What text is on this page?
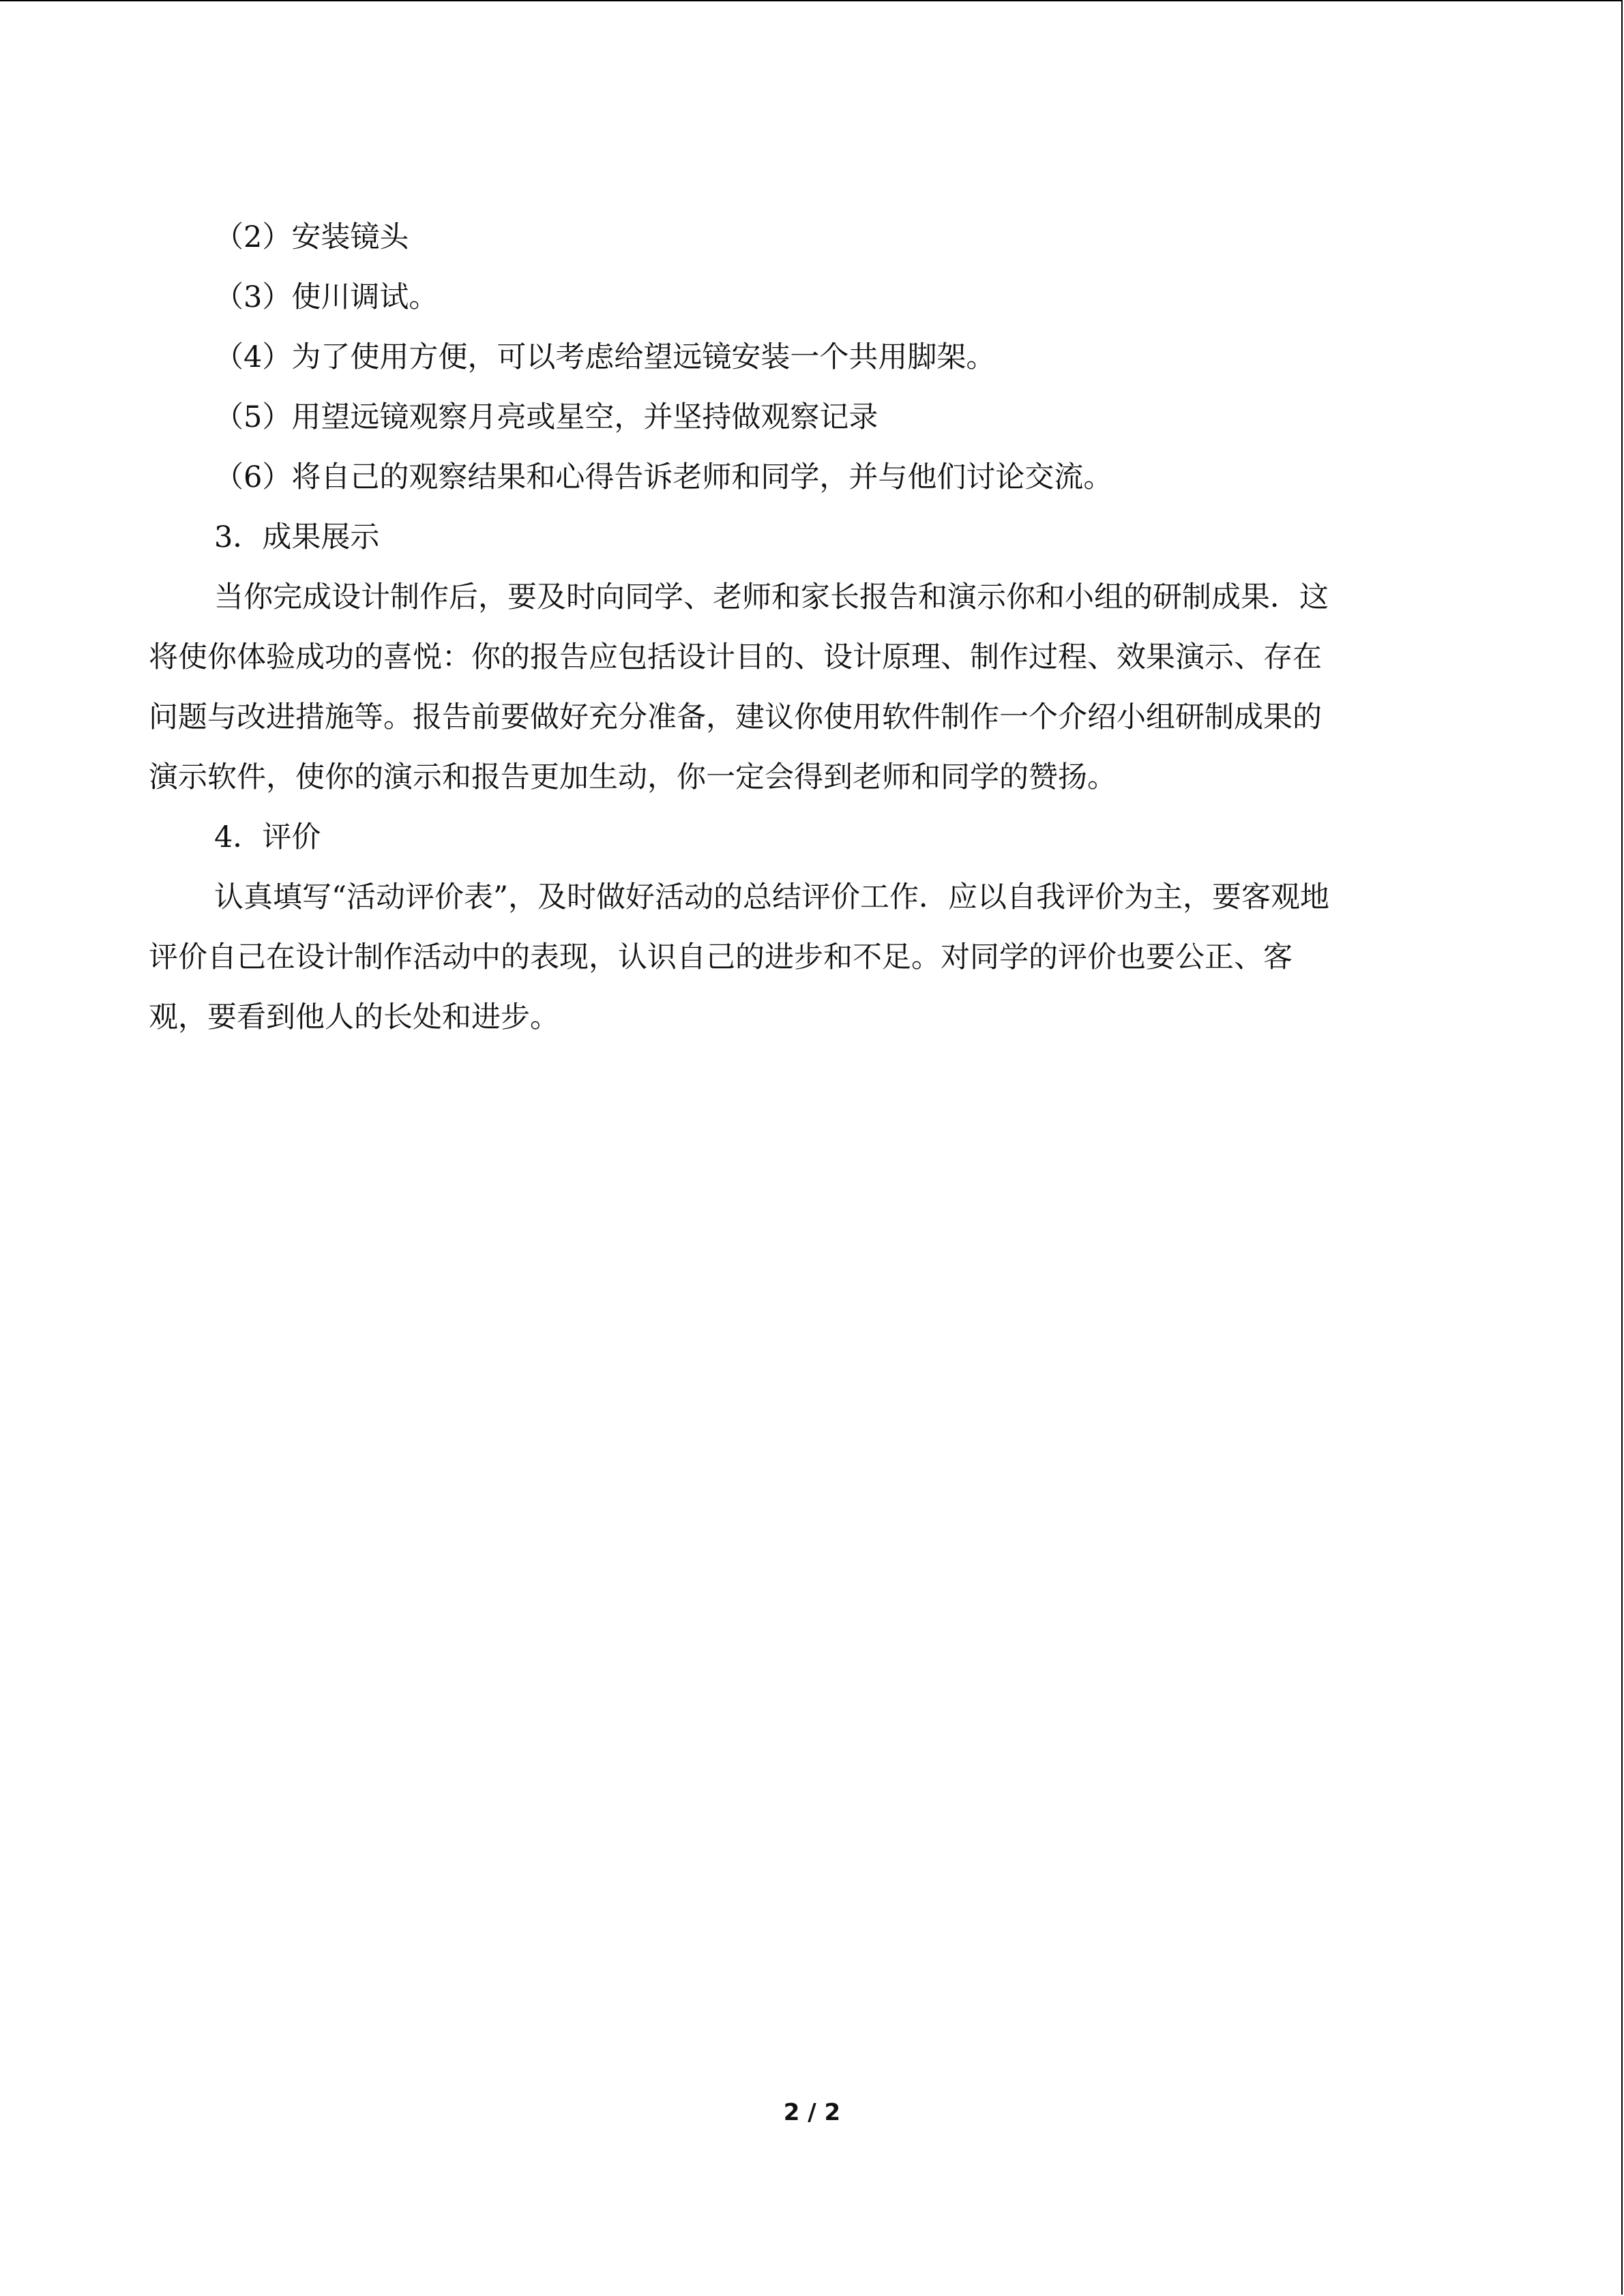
（2）安装镜头
（3）使川调试。
（4）为了使用方便，可以考虑给望远镜安装一个共用脚架。
（5）用望远镜观察月亮或星空，并坚持做观察记录
（6）将自己的观察结果和心得告诉老师和同学，并与他们讨论交流。
3．成果展示
当你完成设计制作后，要及时向同学、老师和家长报告和演示你和小组的研制成果．这
将使你体验成功的喜悦：你的报告应包括设计目的、设计原理、制作过程、效果演示、存在
问题与改进措施等。报告前要做好充分准备，建议你使用软件制作一个介绍小组研制成果的
演示软件，使你的演示和报告更加生动，你一定会得到老师和同学的赞扬。
4．评价
认真填写“活动评价表”，及时做好活动的总结评价工作．应以自我评价为主，要客观地
评价自己在设计制作活动中的表现，认识自己的进步和不足。对同学的评价也要公正、客
观，要看到他人的长处和进步。
2 / 2
